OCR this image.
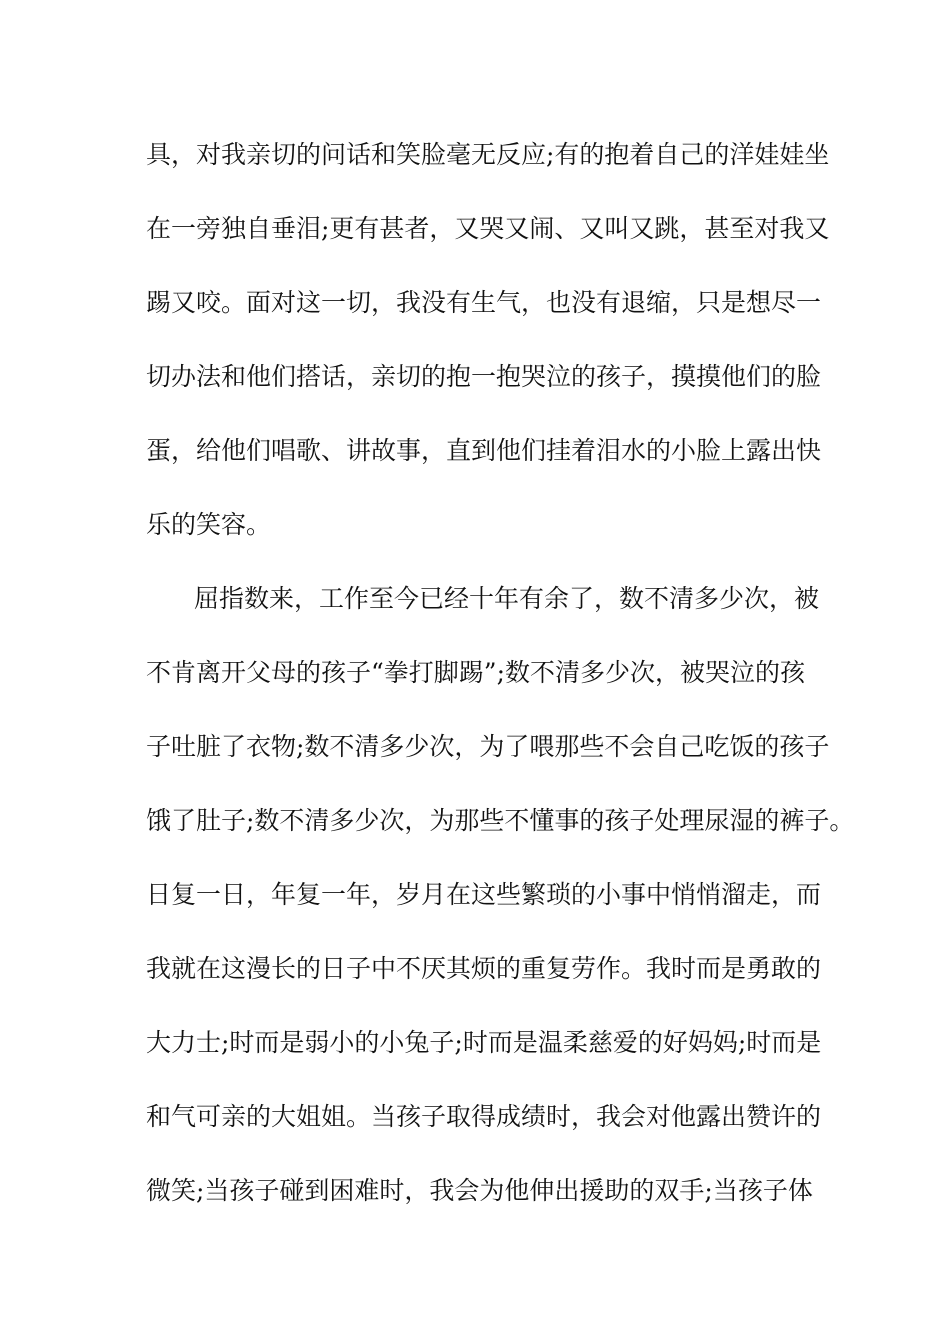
具，对我亲切的问话和笑脸毫无反应;有的抱着自己的洋娃娃坐
在一旁独自垂泪;更有甚者，又哭又闹、又叫又跳，甚至对我又
踢又咬。面对这一切，我没有生气，也没有退缩，只是想尽一
切办法和他们搭话，亲切的抱一抱哭泣的孩子，摸摸他们的脸
蛋，给他们唱歌、讲故事，直到他们挂着泪水的小脸上露出快
乐的笑容。
屈指数来，工作至今已经十年有余了，数不清多少次，被
不肯离开父母的孩子“拳打脚踢”;数不清多少次，被哭泣的孩
子吐脏了衣物;数不清多少次，为了喂那些不会自己吃饭的孩子
饿了肚子;数不清多少次，为那些不懂事的孩子处理尿湿的裤子。
日复一日，年复一年，岁月在这些繁琐的小事中悄悄溜走，而
我就在这漫长的日子中不厌其烦的重复劳作。我时而是勇敢的
大力士;时而是弱小的小兔子;时而是温柔慈爱的好妈妈;时而是
和气可亲的大姐姐。当孩子取得成绩时，我会对他露出赞许的
微笑;当孩子碰到困难时，我会为他伸出援助的双手;当孩子体
